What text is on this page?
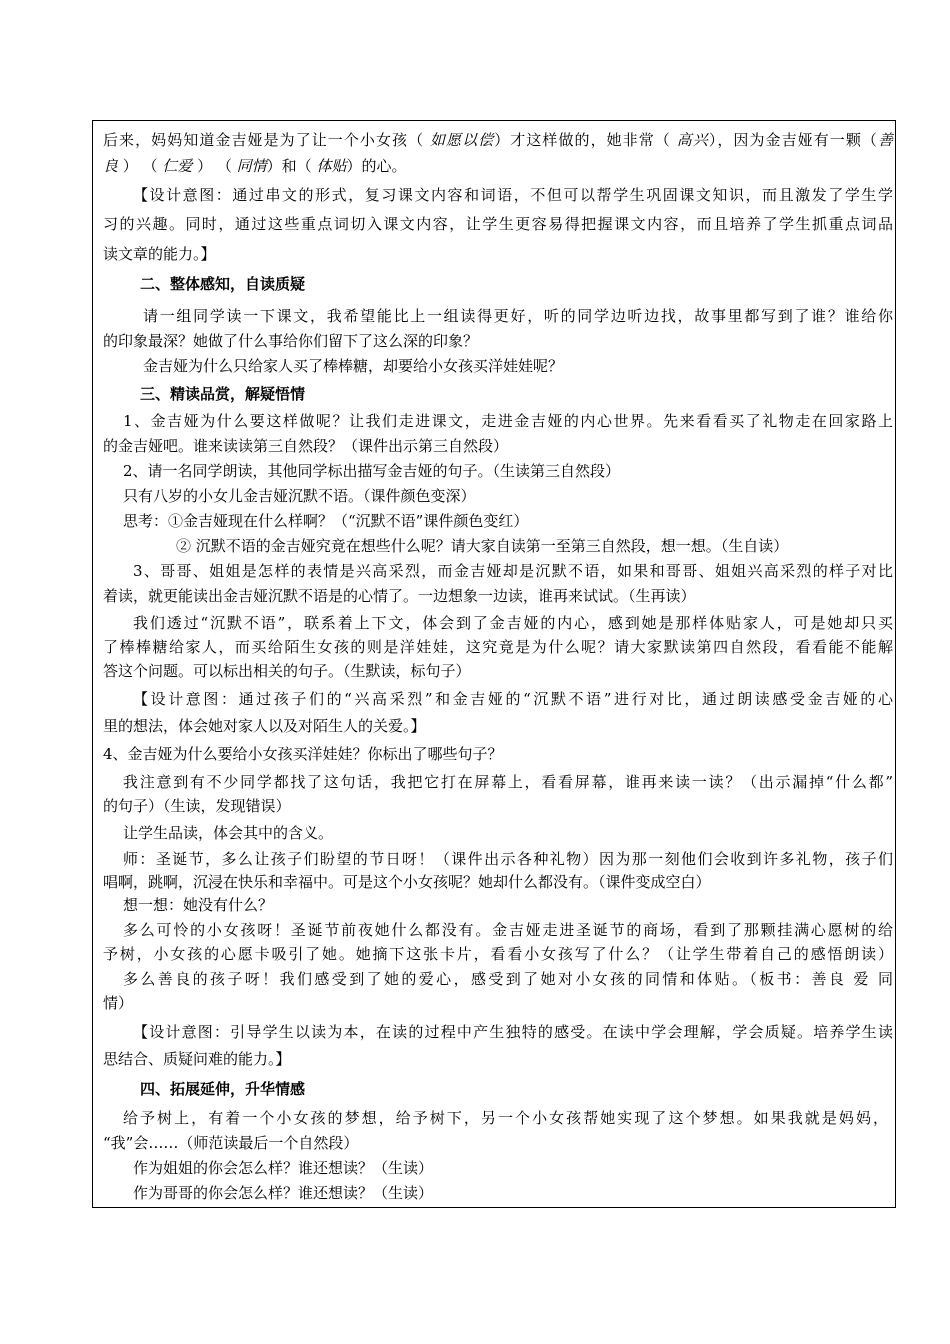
后来，妈妈知道金吉娅是为了让一个小女孩（ 如愿以偿）才这样做的，她非常（ 高兴），因为金吉娅有一颗（善
良 ） （ 仁爱 ） （ 同情）和（ 体贴）的心。
【设计意图：通过串文的形式，复习课文内容和词语，不但可以帮学生巩固课文知识，而且激发了学生学
习的兴趣。同时，通过这些重点词切入课文内容，让学生更容易得把握课文内容，而且培养了学生抓重点词品
读文章的能力。】
二、整体感知，自读质疑
请一组同学读一下课文，我希望能比上一组读得更好，听的同学边听边找，故事里都写到了谁？谁给你
的印象最深？她做了什么事给你们留下了这么深的印象？
金吉娅为什么只给家人买了棒棒糖，却要给小女孩买洋娃娃呢？
三、精读品赏，解疑悟情
1、金吉娅为什么要这样做呢？让我们走进课文，走进金吉娅的内心世界。先来看看买了礼物走在回家路上
的金吉娅吧。谁来读读第三自然段？（课件出示第三自然段）
2、请一名同学朗读，其他同学标出描写金吉娅的句子。（生读第三自然段）
只有八岁的小女儿金吉娅沉默不语。（课件颜色变深）
思考：①金吉娅现在什么样啊？（“沉默不语”课件颜色变红）
② 沉默不语的金吉娅究竟在想些什么呢？请大家自读第一至第三自然段，想一想。（生自读）
3、哥哥、姐姐是怎样的表情是兴高采烈，而金吉娅却是沉默不语，如果和哥哥、姐姐兴高采烈的样子对比
着读，就更能读出金吉娅沉默不语是的心情了。一边想象一边读，谁再来试试。（生再读）
我们透过“沉默不语”，联系着上下文，体会到了金吉娅的内心，感到她是那样体贴家人，可是她却只买
了棒棒糖给家人，而买给陌生女孩的则是洋娃娃，这究竟是为什么呢？请大家默读第四自然段，看看能不能解
答这个问题。可以标出相关的句子。（生默读，标句子）
【设计意图：通过孩子们的“兴高采烈”和金吉娅的“沉默不语”进行对比，通过朗读感受金吉娅的心
里的想法，体会她对家人以及对陌生人的关爱。】
4、金吉娅为什么要给小女孩买洋娃娃？你标出了哪些句子？
我注意到有不少同学都找了这句话，我把它打在屏幕上，看看屏幕，谁再来读一读？（出示漏掉“什么都”
的句子）（生读，发现错误）
让学生品读，体会其中的含义。
师：圣诞节，多么让孩子们盼望的节日呀！（课件出示各种礼物）因为那一刻他们会收到许多礼物，孩子们
唱啊，跳啊，沉浸在快乐和幸福中。可是这个小女孩呢？她却什么都没有。（课件变成空白）
想一想：她没有什么？
多么可怜的小女孩呀！圣诞节前夜她什么都没有。金吉娅走进圣诞节的商场，看到了那颗挂满心愿树的给
予树，小女孩的心愿卡吸引了她。她摘下这张卡片，看看小女孩写了什么？（让学生带着自己的感悟朗读）
多么善良的孩子呀！我们感受到了她的爱心，感受到了她对小女孩的同情和体贴。（板书：善良 爱 同
情）
【设计意图：引导学生以读为本，在读的过程中产生独特的感受。在读中学会理解，学会质疑。培养学生读
思结合、质疑问难的能力。】
四、拓展延伸，升华情感
给予树上，有着一个小女孩的梦想，给予树下，另一个小女孩帮她实现了这个梦想。如果我就是妈妈，
“我”会……（师范读最后一个自然段）
作为姐姐的你会怎么样？谁还想读？（生读）
作为哥哥的你会怎么样？谁还想读？（生读）
